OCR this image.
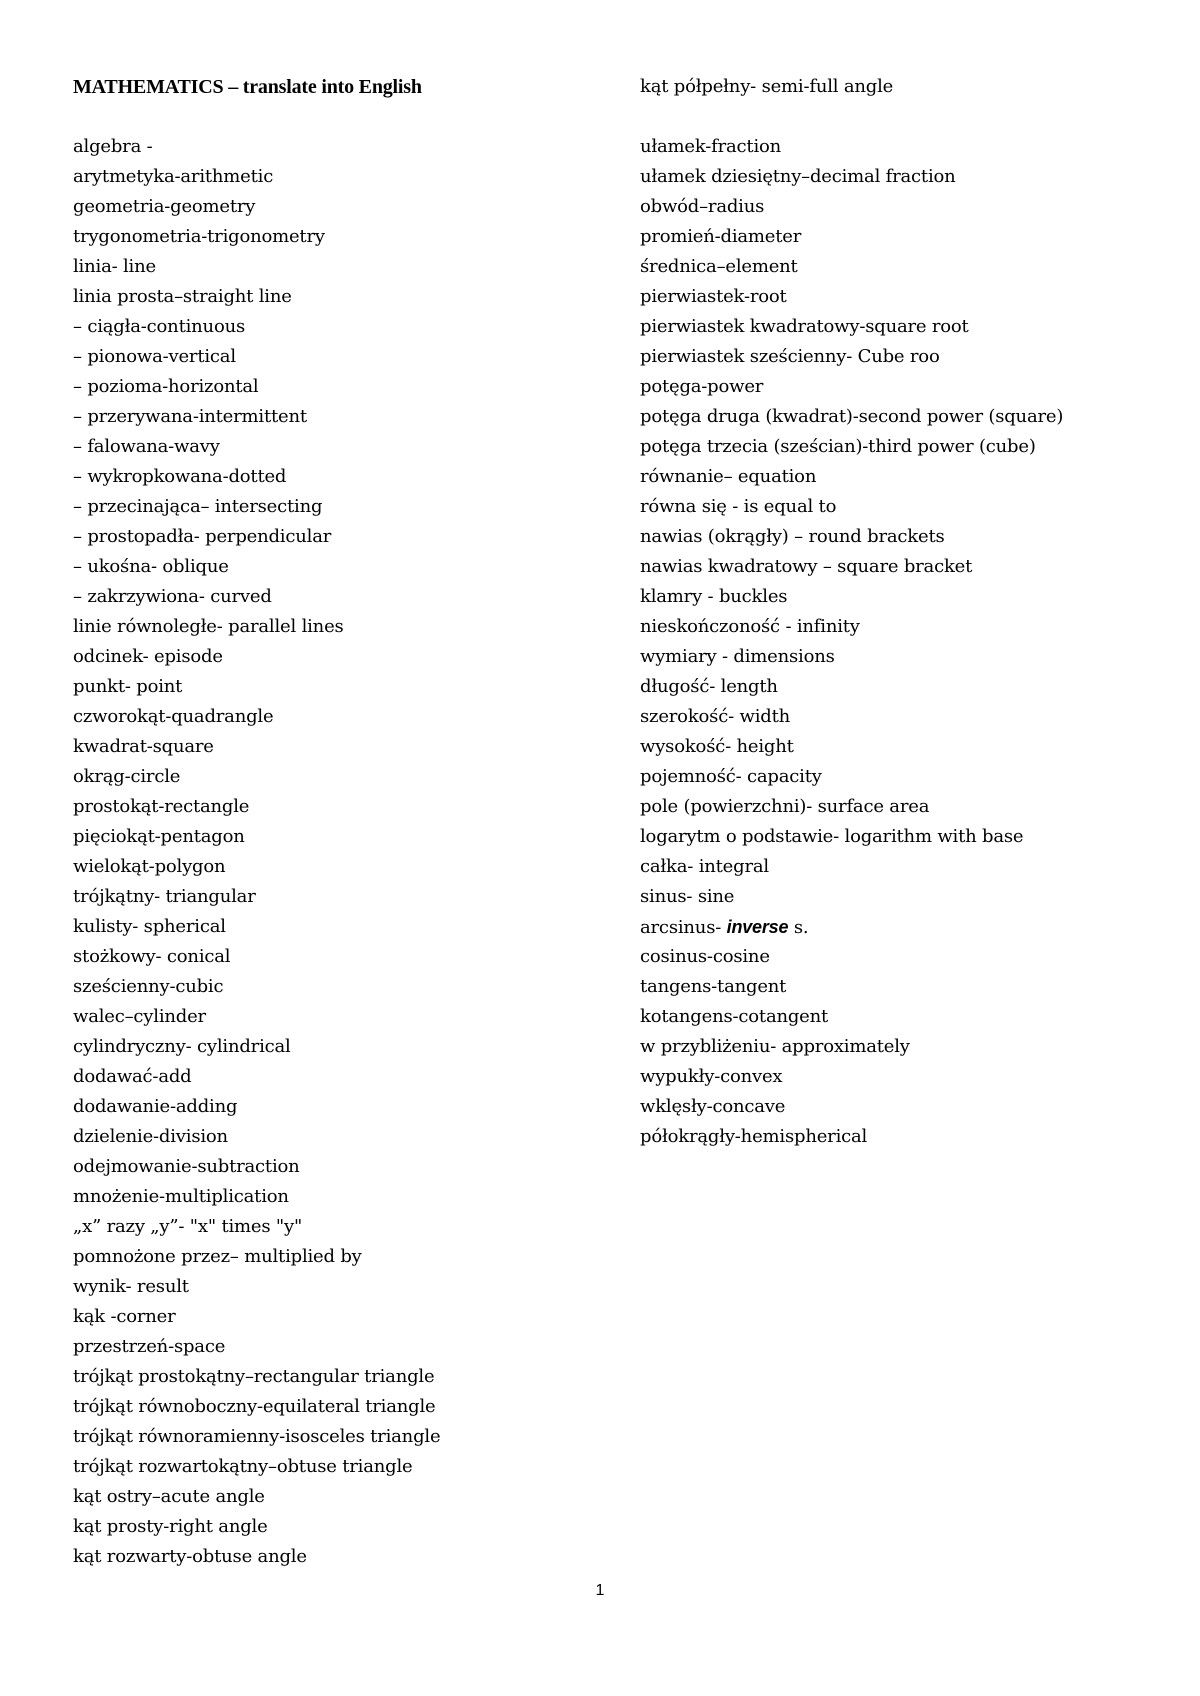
MATHEMATICS – translate into English
algebra -
arytmetyka-arithmetic
geometria-geometry
trygonometria-trigonometry
linia- line
linia prosta–straight line
– ciągła-continuous
– pionowa-vertical
– pozioma-horizontal
– przerywana-intermittent
– falowana-wavy
– wykropkowana-dotted
– przecinająca– intersecting
– prostopadła- perpendicular
– ukośna- oblique
– zakrzywiona- curved
linie równoległe- parallel lines
odcinek- episode
punkt- point
czworokąt-quadrangle
kwadrat-square
okrąg-circle
prostokąt-rectangle
pięciokąt-pentagon
wielokąt-polygon
trójkątny- triangular
kulisty- spherical
stożkowy- conical
sześcienny-cubic
walec–cylinder
cylindryczny- cylindrical
dodawać-add
dodawanie-adding
dzielenie-division
odejmowanie-subtraction
mnożenie-multiplication
„x” razy „y”- "x" times "y"
pomnożone przez– multiplied by
wynik- result
kąk -corner
przestrzeń-space
trójkąt prostokątny–rectangular triangle
trójkąt równoboczny-equilateral triangle
trójkąt równoramienny-isosceles triangle
trójkąt rozwartokątny–obtuse triangle
kąt ostry–acute angle
kąt prosty-right angle
kąt rozwarty-obtuse angle
kąt półpełny- semi-full angle
ułamek-fraction
ułamek dziesiętny–decimal fraction
obwód–radius
promień-diameter
średnica–element
pierwiastek-root
pierwiastek kwadratowy-square root
pierwiastek sześcienny- Cube roo
potęga-power
potęga druga (kwadrat)-second power (square)
potęga trzecia (sześcian)-third power (cube)
równanie– equation
równa się - is equal to
nawias (okrągły) – round brackets
nawias kwadratowy – square bracket
klamry - buckles
nieskończoność - infinity
wymiary - dimensions
długość- length
szerokość- width
wysokość- height
pojemność- capacity
pole (powierzchni)- surface area
logarytm o podstawie- logarithm with base
całka- integral
sinus- sine
arcsinus- inverse s.
cosinus-cosine
tangens-tangent
kotangens-cotangent
w przybliżeniu- approximately
wypukły-convex
wklęsły-concave
półokrągły-hemispherical
1
